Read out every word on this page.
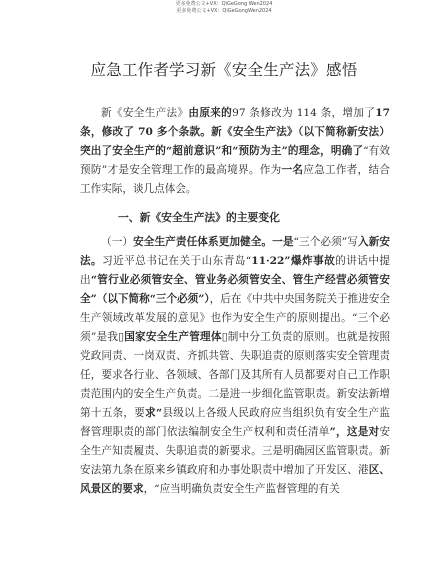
更多免费公文+VX：QiGeGong Wen2024
更多免费公文+VX：QiGeGongWen2024
应急工作者学习新《安全生产法》感悟

新《安全生产法》由原来的97 条修改为 114 条，增加了17 条，修改了 70 多个条款。新《安全生产法》（以下简称新安法）突出了安全生产的“超前意识”和“预防为主”的理念，明确了“有效预防”才是安全管理工作的最高境界。作为一名应急工作者，结合工作实际，谈几点体会。

一、新《安全生产法》的主要变化

（一）安全生产责任体系更加健全。一是“三个必须”写入新安法。习近平总书记在关于山东青岛“11·22”爆炸事故的讲话中提出“管行业必须管安全、管业务必须管安全、管生产经营必须管安全”（以下简称“三个必须”），后在《中共中央国务院关于推进安全生产领域改革发展的意见》也作为安全生产的原则提出。“三个必须”是我▯国家安全生产管理体▯制中分工负责的原则。也就是按照党政同责、一岗双责、齐抓共管、失职追责的原则落实安全管理责任，要求各行业、各领域、各部门及其所有人员都要对自己工作职责范围内的安全生产负责。二是进一步细化监管职责。新安法新增第十五条，要求“县级以上各级人民政府应当组织负有安全生产监督管理职责的部门依法编制安全生产权利和责任清单”，这是对安全生产知责履责、失职追责的新要求。三是明确园区监管职责。新安法第九条在原来乡镇政府和办事处职责中增加了开发区、港区、风景区的要求，“应当明确负责安全生产监督管理的有关
